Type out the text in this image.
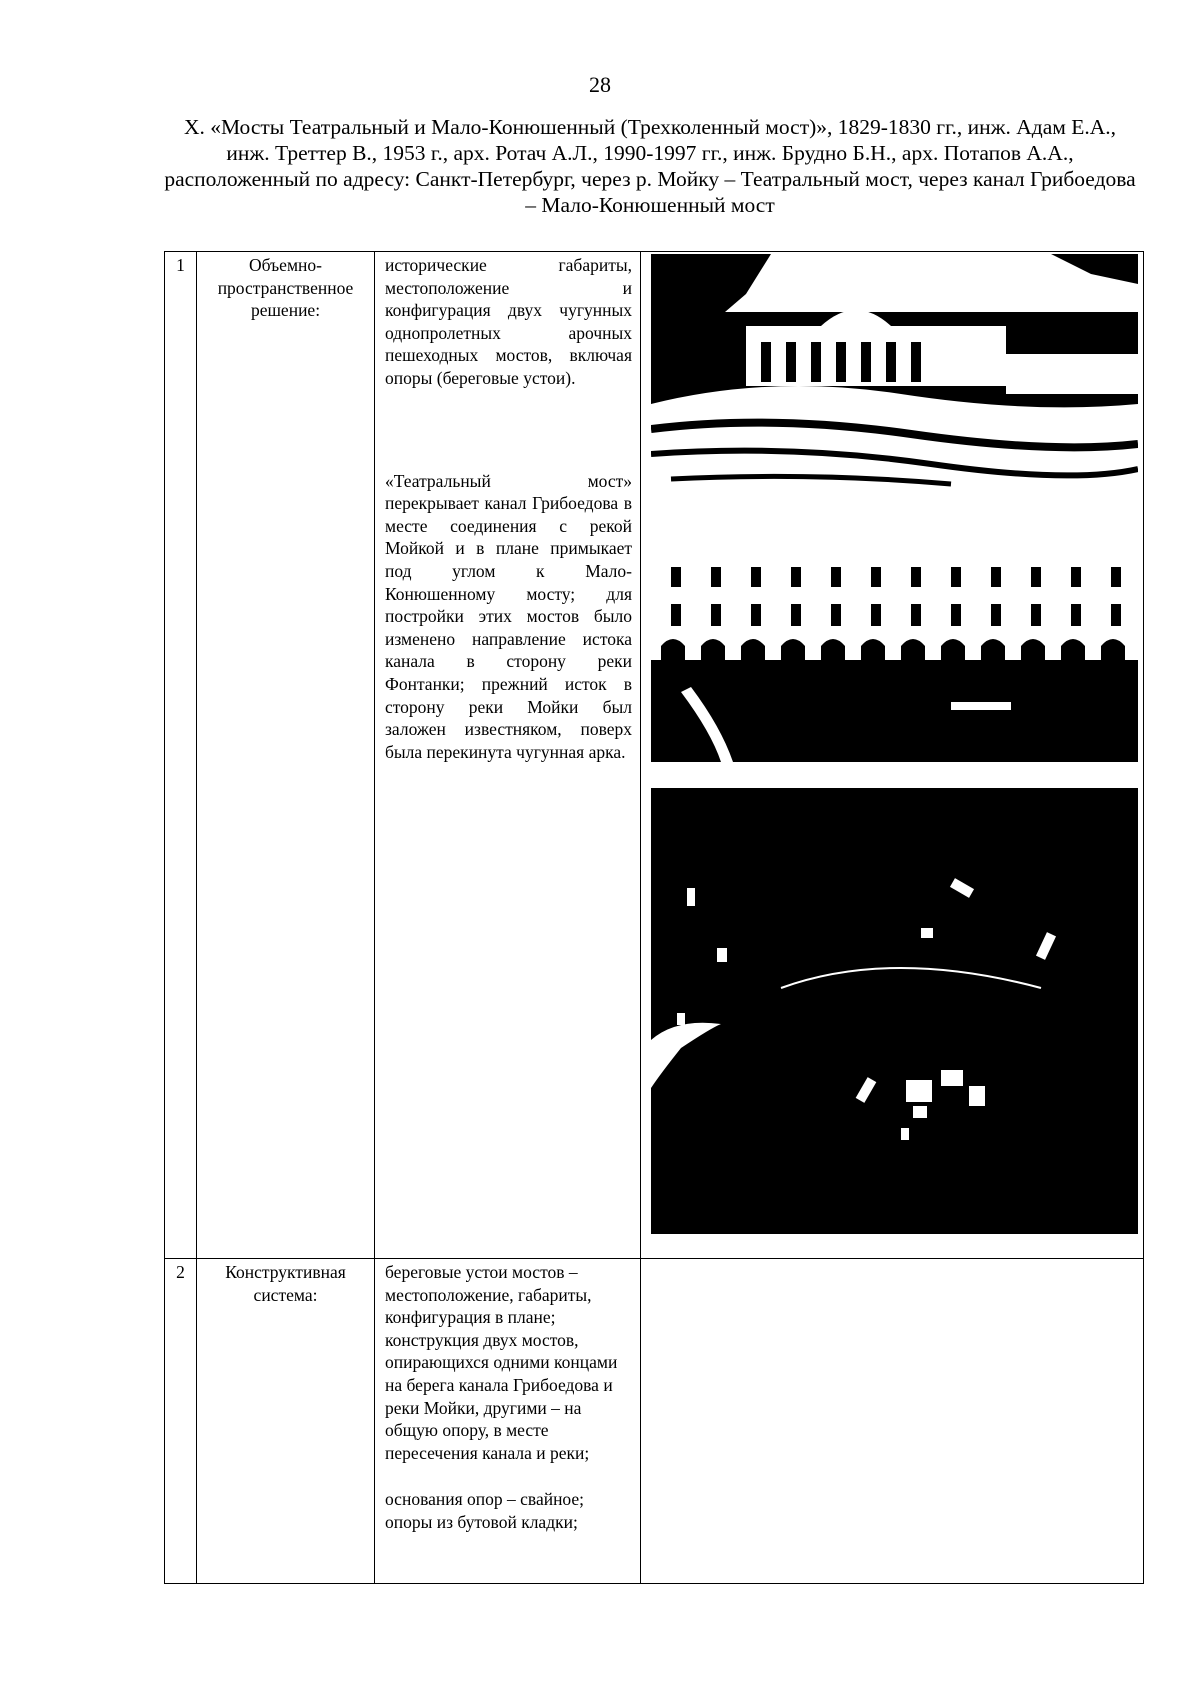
28
X. «Мосты Театральный и Мало-Конюшенный (Трехколенный мост)», 1829-1830 гг., инж. Адам Е.А., инж. Треттер В., 1953 г., арх. Ротач А.Л., 1990-1997 гг., инж. Брудно Б.Н., арх. Потапов А.А., расположенный по адресу: Санкт-Петербург, через р. Мойку – Театральный мост, через канал Грибоедова – Мало-Конюшенный мост
1	Объемно-пространственное решение:	исторические габариты, местоположение и конфигурация двух чугунных однопролетных арочных пешеходных мостов, включая опоры (береговые устои).

«Театральный мост» перекрывает канал Грибоедова в месте соединения с рекой Мойкой и в плане примыкает под углом к Мало-Конюшенному мосту; для постройки этих мостов было изменено направление истока канала в сторону реки Фонтанки; прежний исток в сторону реки Мойки был заложен известняком, поверх была перекинута чугунная арка.

2	Конструктивная система:	береговые устои мостов – местоположение, габариты, конфигурация в плане; конструкция двух мостов, опирающихся одними концами на берега канала Грибоедова и реки Мойки, другими – на общую опору, в месте пересечения канала и реки;

основания опор – свайное; опоры из бутовой кладки;	
